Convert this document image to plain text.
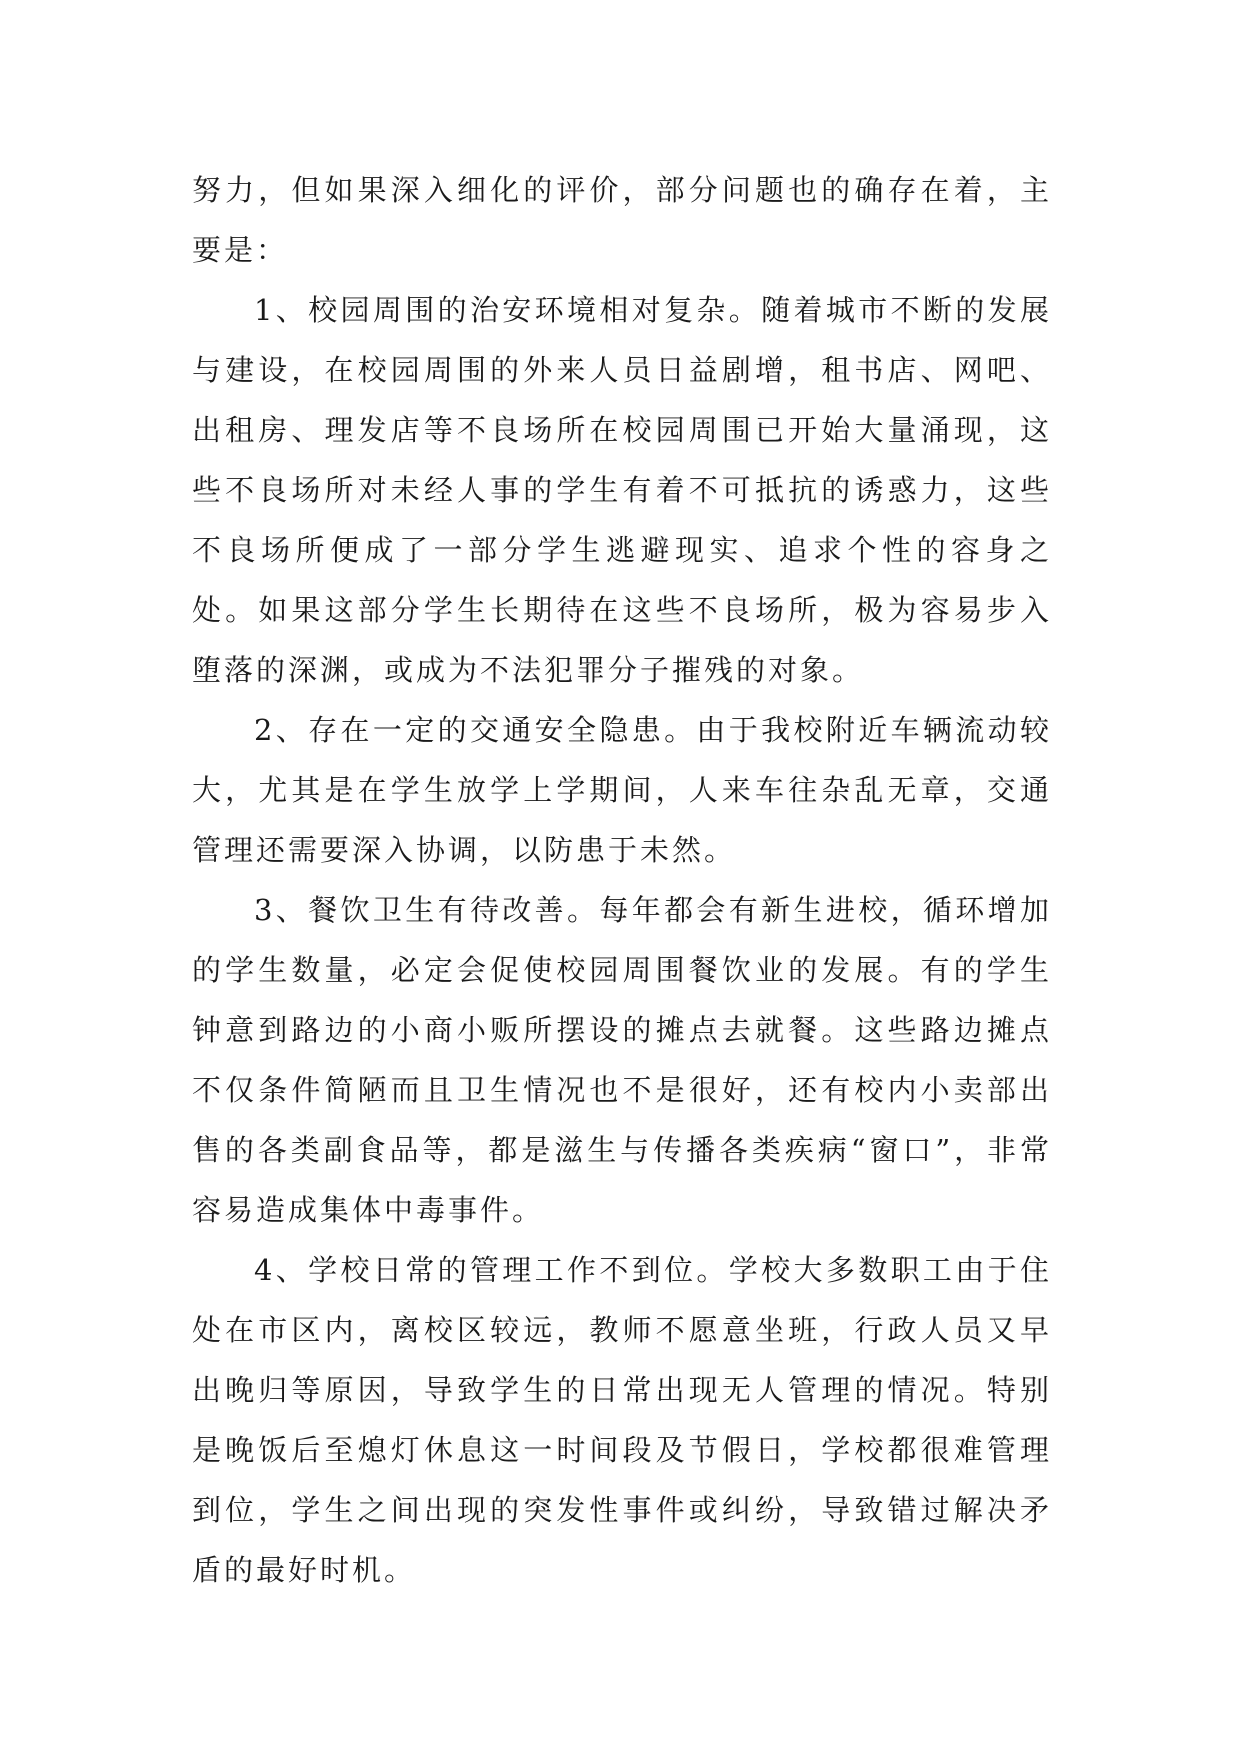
努力，但如果深入细化的评价，部分问题也的确存在着，主要是：

1、校园周围的治安环境相对复杂。随着城市不断的发展与建设，在校园周围的外来人员日益剧增，租书店、网吧、出租房、理发店等不良场所在校园周围已开始大量涌现，这些不良场所对未经人事的学生有着不可抵抗的诱惑力，这些不良场所便成了一部分学生逃避现实、追求个性的容身之处。如果这部分学生长期待在这些不良场所，极为容易步入堕落的深渊，或成为不法犯罪分子摧残的对象。

2、存在一定的交通安全隐患。由于我校附近车辆流动较大，尤其是在学生放学上学期间，人来车往杂乱无章，交通管理还需要深入协调，以防患于未然。

3、餐饮卫生有待改善。每年都会有新生进校，循环增加的学生数量，必定会促使校园周围餐饮业的发展。有的学生钟意到路边的小商小贩所摆设的摊点去就餐。这些路边摊点不仅条件简陋而且卫生情况也不是很好，还有校内小卖部出售的各类副食品等，都是滋生与传播各类疾病“窗口”，非常容易造成集体中毒事件。

4、学校日常的管理工作不到位。学校大多数职工由于住处在市区内，离校区较远，教师不愿意坐班，行政人员又早出晚归等原因，导致学生的日常出现无人管理的情况。特别是晚饭后至熄灯休息这一时间段及节假日，学校都很难管理到位，学生之间出现的突发性事件或纠纷，导致错过解决矛盾的最好时机。
